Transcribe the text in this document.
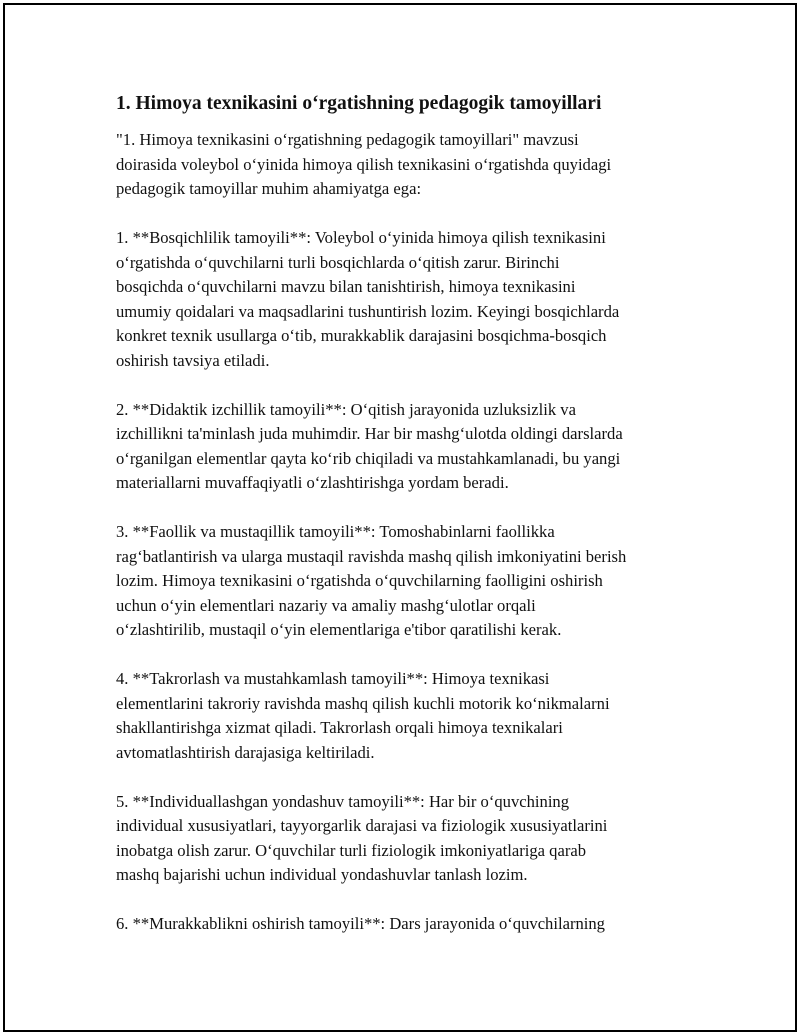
1. Himoya texnikasini o‘rgatishning pedagogik tamoyillari

"1. Himoya texnikasini o‘rgatishning pedagogik tamoyillari" mavzusi
doirasida voleybol o‘yinida himoya qilish texnikasini o‘rgatishda quyidagi
pedagogik tamoyillar muhim ahamiyatga ega:

1. **Bosqichlilik tamoyili**: Voleybol o‘yinida himoya qilish texnikasini
o‘rgatishda o‘quvchilarni turli bosqichlarda o‘qitish zarur. Birinchi
bosqichda o‘quvchilarni mavzu bilan tanishtirish, himoya texnikasini
umumiy qoidalari va maqsadlarini tushuntirish lozim. Keyingi bosqichlarda
konkret texnik usullarga o‘tib, murakkablik darajasini bosqichma-bosqich
oshirish tavsiya etiladi.

2. **Didaktik izchillik tamoyili**: O‘qitish jarayonida uzluksizlik va
izchillikni ta'minlash juda muhimdir. Har bir mashg‘ulotda oldingi darslarda
o‘rganilgan elementlar qayta ko‘rib chiqiladi va mustahkamlanadi, bu yangi
materiallarni muvaffaqiyatli o‘zlashtirishga yordam beradi.

3. **Faollik va mustaqillik tamoyili**: Tomoshabinlarni faollikka
rag‘batlantirish va ularga mustaqil ravishda mashq qilish imkoniyatini berish
lozim. Himoya texnikasini o‘rgatishda o‘quvchilarning faolligini oshirish
uchun o‘yin elementlari nazariy va amaliy mashg‘ulotlar orqali
o‘zlashtirilib, mustaqil o‘yin elementlariga e'tibor qaratilishi kerak.

4. **Takrorlash va mustahkamlash tamoyili**: Himoya texnikasi
elementlarini takroriy ravishda mashq qilish kuchli motorik ko‘nikmalarni
shakllantirishga xizmat qiladi. Takrorlash orqali himoya texnikalari
avtomatlashtirish darajasiga keltiriladi.

5. **Individuallashgan yondashuv tamoyili**: Har bir o‘quvchining
individual xususiyatlari, tayyorgarlik darajasi va fiziologik xususiyatlarini
inobatga olish zarur. O‘quvchilar turli fiziologik imkoniyatlariga qarab
mashq bajarishi uchun individual yondashuvlar tanlash lozim.

6. **Murakkablikni oshirish tamoyili**: Dars jarayonida o‘quvchilarning
